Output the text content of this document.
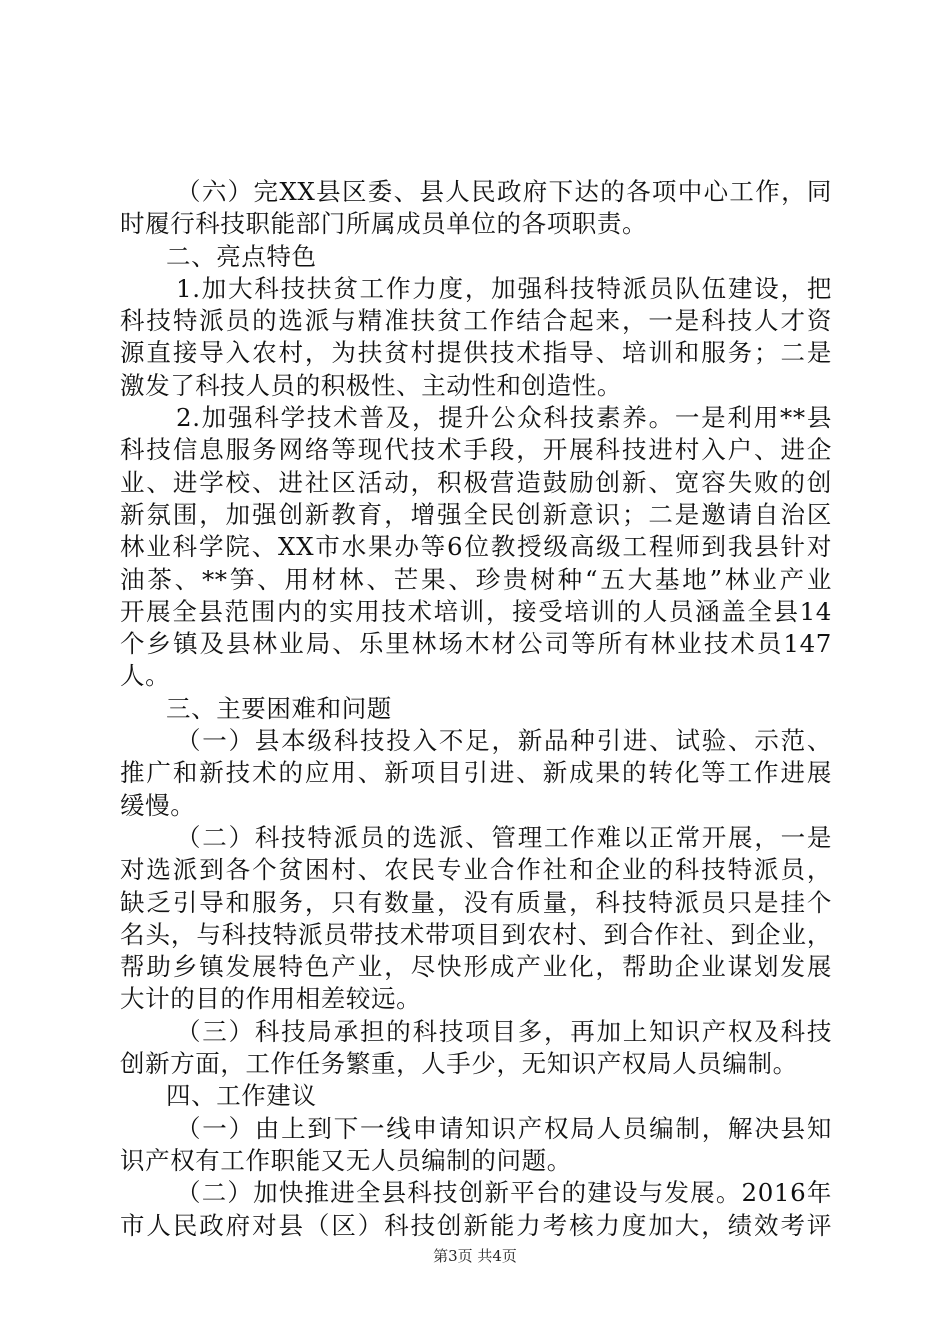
（六）完XX县区委、县人民政府下达的各项中心工作，同
时履行科技职能部门所属成员单位的各项职责。
二、亮点特色
1.加大科技扶贫工作力度，加强科技特派员队伍建设，把
科技特派员的选派与精准扶贫工作结合起来，一是科技人才资
源直接导入农村，为扶贫村提供技术指导、培训和服务；二是
激发了科技人员的积极性、主动性和创造性。
2.加强科学技术普及，提升公众科技素养。一是利用**县
科技信息服务网络等现代技术手段，开展科技进村入户、进企
业、进学校、进社区活动，积极营造鼓励创新、宽容失败的创
新氛围，加强创新教育，增强全民创新意识；二是邀请自治区
林业科学院、XX市水果办等6位教授级高级工程师到我县针对
油茶、**笋、用材林、芒果、珍贵树种“五大基地”林业产业
开展全县范围内的实用技术培训，接受培训的人员涵盖全县14
个乡镇及县林业局、乐里林场木材公司等所有林业技术员147
人。
三、主要困难和问题
（一）县本级科技投入不足，新品种引进、试验、示范、
推广和新技术的应用、新项目引进、新成果的转化等工作进展
缓慢。
（二）科技特派员的选派、管理工作难以正常开展，一是
对选派到各个贫困村、农民专业合作社和企业的科技特派员，
缺乏引导和服务，只有数量，没有质量，科技特派员只是挂个
名头，与科技特派员带技术带项目到农村、到合作社、到企业，
帮助乡镇发展特色产业，尽快形成产业化，帮助企业谋划发展
大计的目的作用相差较远。
（三）科技局承担的科技项目多，再加上知识产权及科技
创新方面，工作任务繁重，人手少，无知识产权局人员编制。
四、工作建议
（一）由上到下一线申请知识产权局人员编制，解决县知
识产权有工作职能又无人员编制的问题。
（二）加快推进全县科技创新平台的建设与发展。2016年
市人民政府对县（区）科技创新能力考核力度加大，绩效考评
第3页 共4页
